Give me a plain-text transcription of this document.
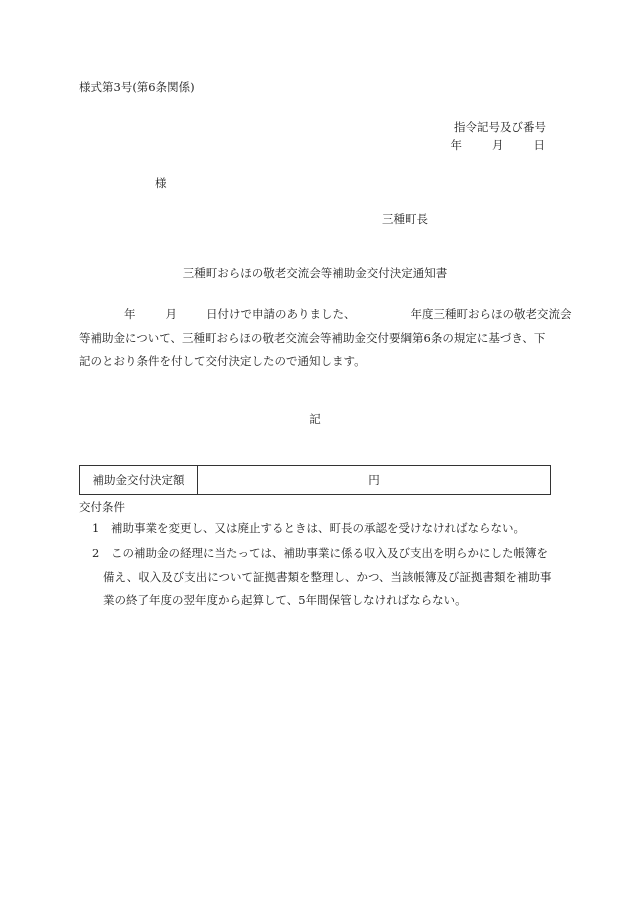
様式第3号(第6条関係)
指令記号及び番号
年	月	日
様
三種町長
三種町おらほの敬老交流会等補助金交付決定通知書
年	月	日付けで申請のありました、	年度三種町おらほの敬老交流会
等補助金について、三種町おらほの敬老交流会等補助金交付要綱第6条の規定に基づき、下
記のとおり条件を付して交付決定したので通知します。
記
補助金交付決定額	円
交付条件
1 補助事業を変更し、又は廃止するときは、町長の承認を受けなければならない。
2 この補助金の経理に当たっては、補助事業に係る収入及び支出を明らかにした帳簿を
備え、収入及び支出について証拠書類を整理し、かつ、当該帳簿及び証拠書類を補助事
業の終了年度の翌年度から起算して、5年間保管しなければならない。
